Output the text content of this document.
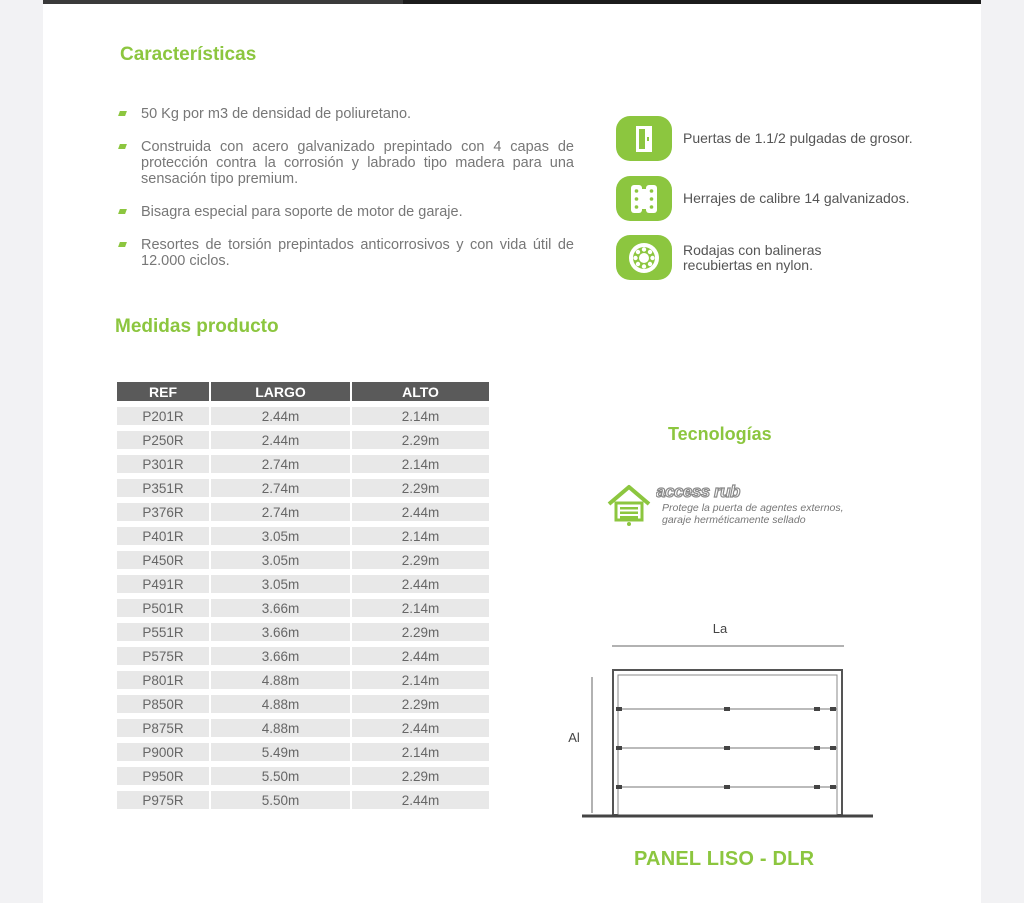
Características
50 Kg por m3 de densidad de poliuretano.
Construida con acero galvanizado prepintado con 4 capas de protección contra la corrosión y labrado tipo madera para una sensación tipo premium.
Bisagra especial para soporte de motor de garaje.
Resortes de torsión prepintados anticorrosivos y con vida útil de 12.000 ciclos.
Puertas de 1.1/2 pulgadas de grosor.
Herrajes de calibre 14 galvanizados.
Rodajas con balineras
recubiertas en nylon.
Medidas producto
REF	LARGO	ALTO
P201R	2.44m	2.14m
P250R	2.44m	2.29m
P301R	2.74m	2.14m
P351R	2.74m	2.29m
P376R	2.74m	2.44m
P401R	3.05m	2.14m
P450R	3.05m	2.29m
P491R	3.05m	2.44m
P501R	3.66m	2.14m
P551R	3.66m	2.29m
P575R	3.66m	2.44m
P801R	4.88m	2.14m
P850R	4.88m	2.29m
P875R	4.88m	2.44m
P900R	5.49m	2.14m
P950R	5.50m	2.29m
P975R	5.50m	2.44m
Tecnologías
access rub
Protege la puerta de agentes externos,
garaje herméticamente sellado
La
Al
PANEL LISO - DLR
